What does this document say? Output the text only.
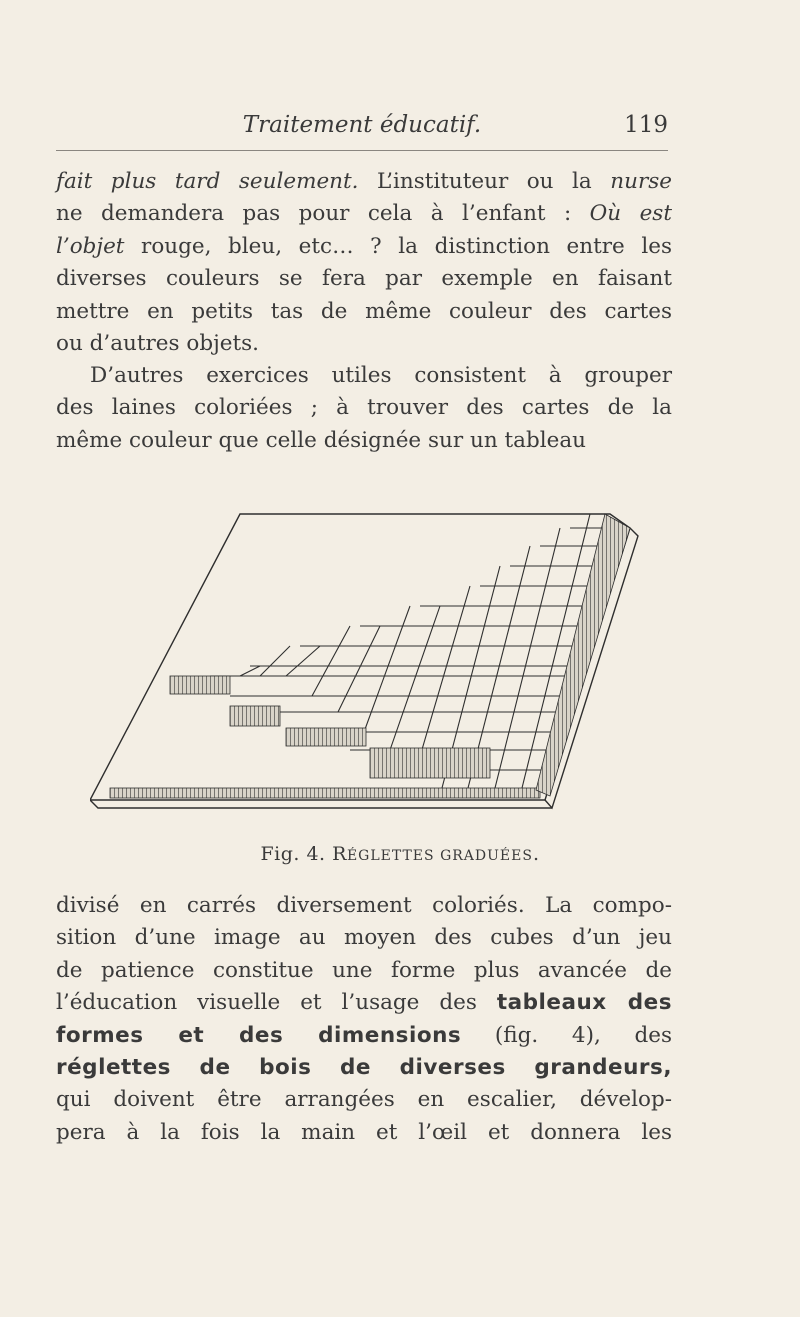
Traitement éducatif.	119
fait plus tard seulement. L’instituteur ou la nurse
ne demandera pas pour cela à l’enfant : Où est
l’objet rouge, bleu, etc… ? la distinction entre les
diverses couleurs se fera par exemple en faisant
mettre en petits tas de même couleur des cartes
ou d’autres objets.
D’autres exercices utiles consistent à grouper
des laines coloriées ; à trouver des cartes de la
même couleur que celle désignée sur un tableau
Fig. 4. RÉGLETTES GRADUÉES.
divisé en carrés diversement coloriés. La compo-
sition d’une image au moyen des cubes d’un jeu
de patience constitue une forme plus avancée de
l’éducation visuelle et l’usage des tableaux des
formes et des dimensions (fig. 4), des
réglettes de bois de diverses grandeurs,
qui doivent être arrangées en escalier, dévelop-
pera à la fois la main et l’œil et donnera les
